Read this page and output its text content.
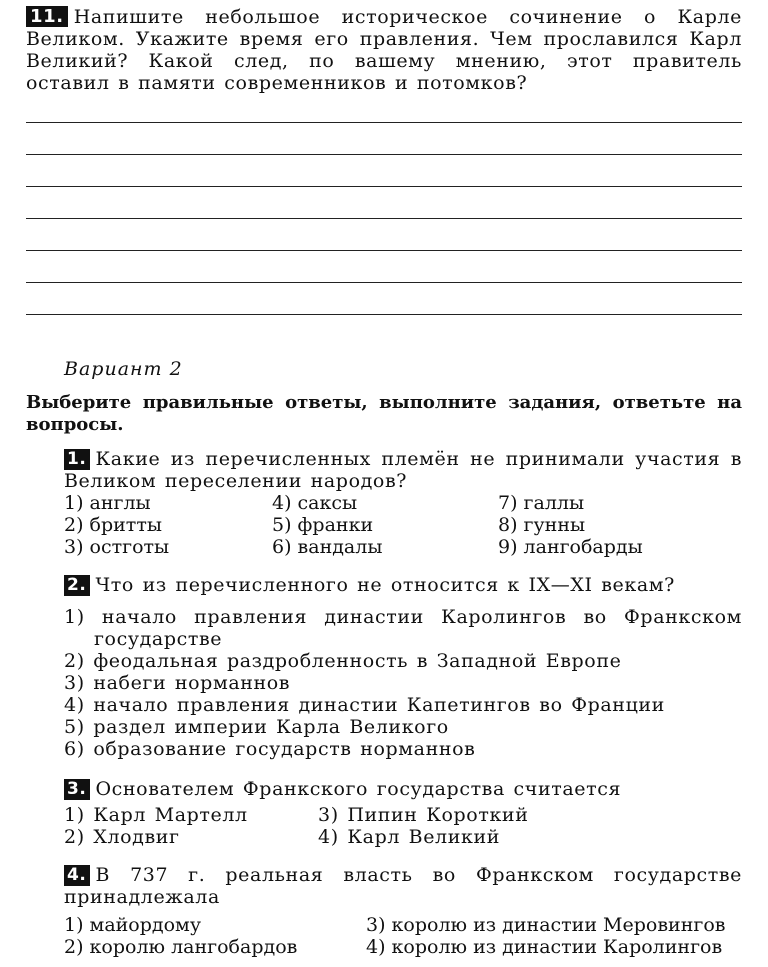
11. Напишите небольшое историческое сочинение о Карле Великом. Укажите время его правления. Чем прославился Карл Великий? Какой след, по вашему мнению, этот правитель оставил в памяти современников и потомков?
Вариант 2
Выберите правильные ответы, выполните задания, ответьте на вопросы.
1. Какие из перечисленных племён не принимали участия в Великом переселении народов?
1) англы
2) бритты
3) остготы
4) саксы
5) франки
6) вандалы
7) галлы
8) гунны
9) лангобарды
2. Что из перечисленного не относится к IX—XI векам?
1) начало правления династии Каролингов во Франкском государстве
2) феодальная раздробленность в Западной Европе
3) набеги норманнов
4) начало правления династии Капетингов во Франции
5) раздел империи Карла Великого
6) образование государств норманнов
3. Основателем Франкского государства считается
1) Карл Мартелл
2) Хлодвиг
3) Пипин Короткий
4) Карл Великий
4. В 737 г. реальная власть во Франкском государстве принадлежала
1) майордому
2) королю лангобардов
3) королю из династии Меровингов
4) королю из династии Каролингов
